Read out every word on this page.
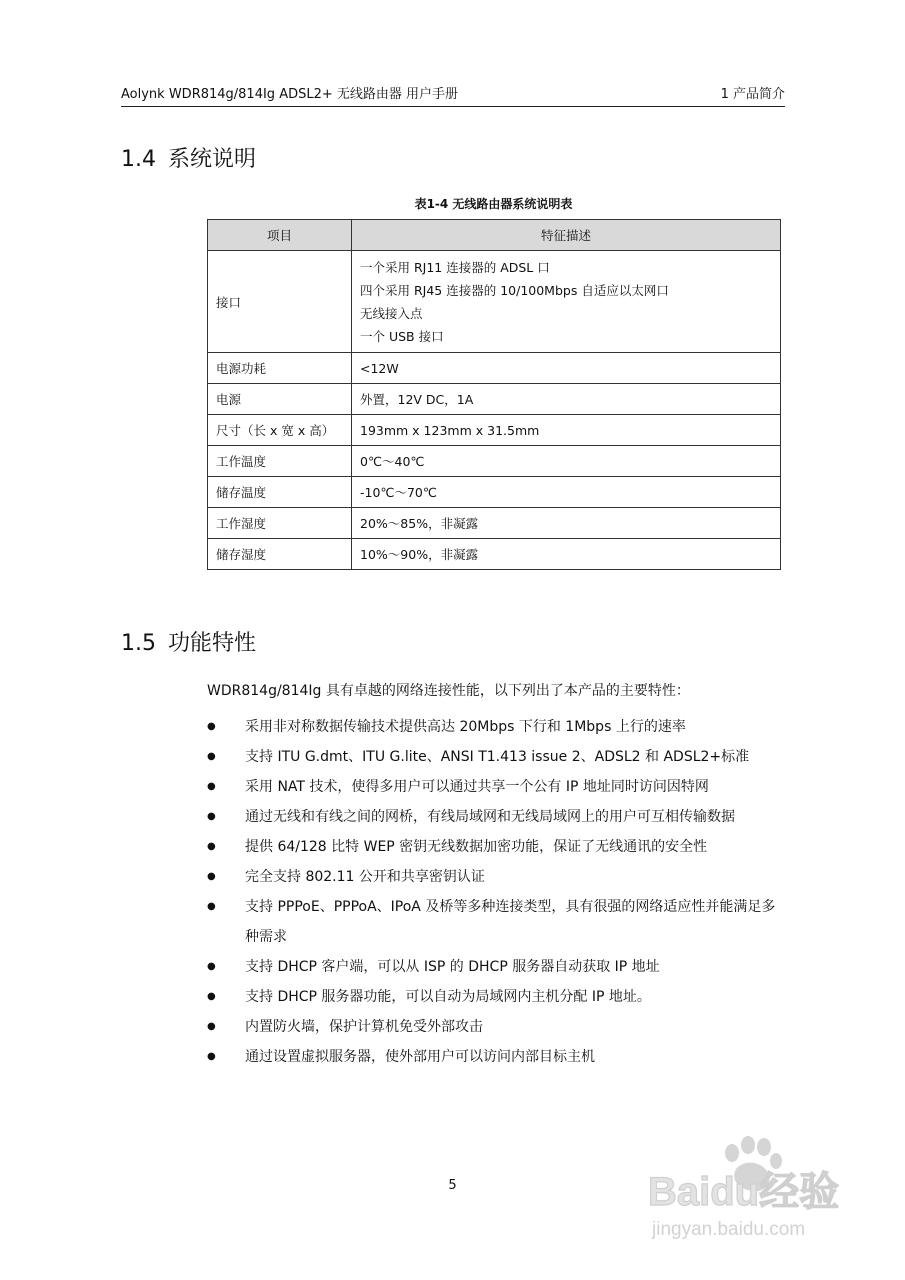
Aolynk WDR814g/814Ig ADSL2+ 无线路由器 用户手册	1 产品简介
1.4 系统说明
表1-4 无线路由器系统说明表
项目	特征描述
接口	一个采用 RJ11 连接器的 ADSL 口
四个采用 RJ45 连接器的 10/100Mbps 自适应以太网口
无线接入点
一个 USB 接口

电源功耗	<12W
电源	外置，12V DC，1A
尺寸（长 x 宽 x 高）	193mm x 123mm x 31.5mm
工作温度	0℃～40℃
储存温度	-10℃～70℃
工作湿度	20%～85%，非凝露
储存湿度	10%～90%，非凝露
1.5 功能特性
WDR814g/814Ig 具有卓越的网络连接性能，以下列出了本产品的主要特性：
● 采用非对称数据传输技术提供高达 20Mbps 下行和 1Mbps 上行的速率
● 支持 ITU G.dmt、ITU G.lite、ANSI T1.413 issue 2、ADSL2 和 ADSL2+标准
● 采用 NAT 技术，使得多用户可以通过共享一个公有 IP 地址同时访问因特网
● 通过无线和有线之间的网桥，有线局域网和无线局域网上的用户可互相传输数据
● 提供 64/128 比特 WEP 密钥无线数据加密功能，保证了无线通讯的安全性
● 完全支持 802.11 公开和共享密钥认证
● 支持 PPPoE、PPPoA、IPoA 及桥等多种连接类型，具有很强的网络适应性并能满足多种需求
● 支持 DHCP 客户端，可以从 ISP 的 DHCP 服务器自动获取 IP 地址
● 支持 DHCP 服务器功能，可以自动为局域网内主机分配 IP 地址。
● 内置防火墙，保护计算机免受外部攻击
● 通过设置虚拟服务器，使外部用户可以访问内部目标主机
5	Baidu经验
jingyan.baidu.com
